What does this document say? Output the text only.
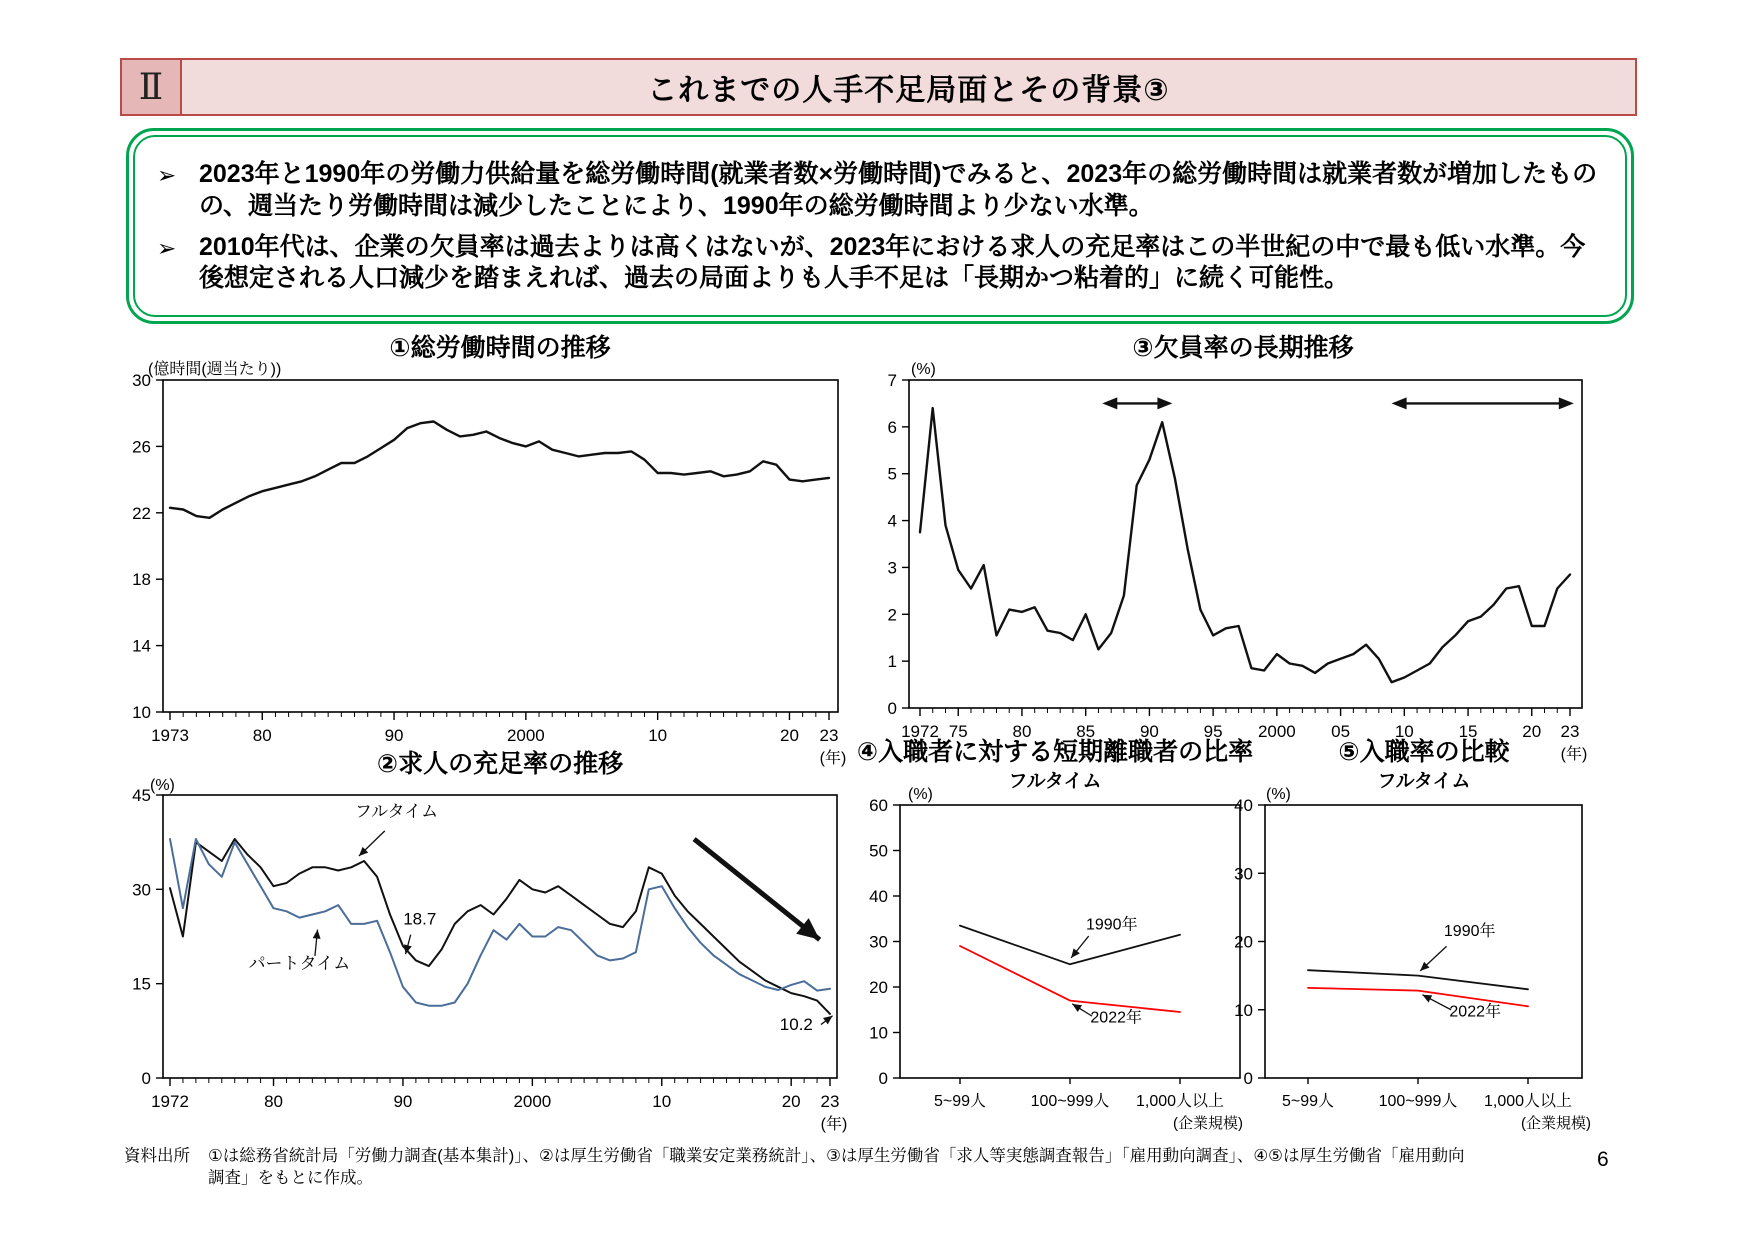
Ⅱ	これまでの人手不足局面とその背景③
➢ 2023年と1990年の労働力供給量を総労働時間(就業者数×労働時間)でみると、2023年の総労働時間は就業者数が増加したものの、週当たり労働時間は減少したことにより、1990年の総労働時間より少ない水準。
➢ 2010年代は、企業の欠員率は過去よりは高くはないが、2023年における求人の充足率はこの半世紀の中で最も低い水準。今後想定される人口減少を踏まえれば、過去の局面よりも人手不足は「長期かつ粘着的」に続く可能性。
①総労働時間の推移
(億時間(週当たり))
10
14
18
22
26
30
1973	80	90	2000	10	20 23
(年)
②求人の充足率の推移
(%)
0
15
30
45
1972	80	90	2000	10	20 23
(年)
フルタイム
パートタイム
18.7
10.2
③欠員率の長期推移
(%)
0
1
2
3
4
5
6
7
1972 75	80	85	90	95 2000 05	10	15	20 23
(年)
④入職者に対する短期離職者の比率
フルタイム
(%)
0
10
20
30
40
50
60
5~99人	100~999人 1,000人以上
(企業規模)
1990年
2022年
⑤入職率の比較
フルタイム
(%)
0
10
20
30
40
5~99人	100~999人 1,000人以上
(企業規模)
1990年
2022年
資料出所 ①は総務省統計局「労働力調査(基本集計)」、②は厚生労働省「職業安定業務統計」、③は厚生労働省「求人等実態調査報告」「雇用動向調査」、④⑤は厚生労働省「雇用動向
調査」をもとに作成。
6
